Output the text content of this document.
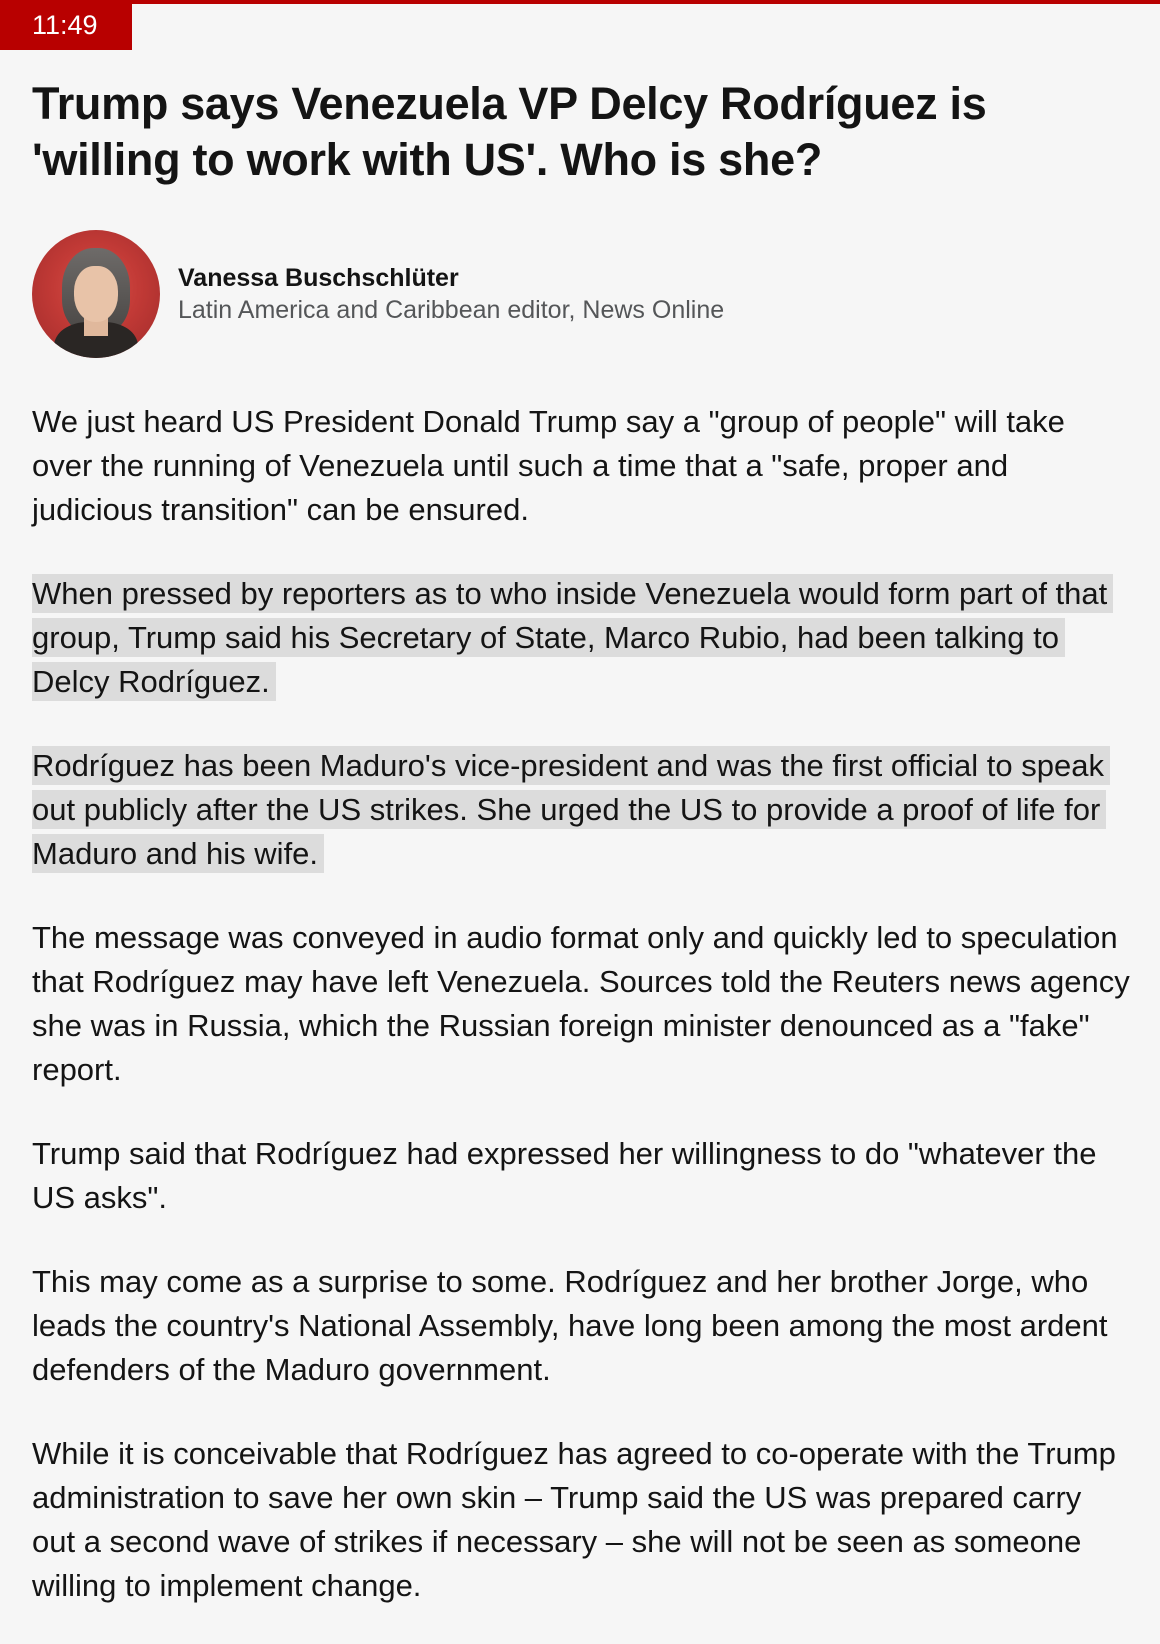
11:49
Trump says Venezuela VP Delcy Rodríguez is 'willing to work with US'. Who is she?
Vanessa Buschschlüter
Latin America and Caribbean editor, News Online

We just heard US President Donald Trump say a "group of people" will take over the running of Venezuela until such a time that a "safe, proper and judicious transition" can be ensured.

When pressed by reporters as to who inside Venezuela would form part of that group, Trump said his Secretary of State, Marco Rubio, had been talking to Delcy Rodríguez.

Rodríguez has been Maduro's vice-president and was the first official to speak out publicly after the US strikes. She urged the US to provide a proof of life for Maduro and his wife.

The message was conveyed in audio format only and quickly led to speculation that Rodríguez may have left Venezuela. Sources told the Reuters news agency she was in Russia, which the Russian foreign minister denounced as a "fake" report.

Trump said that Rodríguez had expressed her willingness to do "whatever the US asks".

This may come as a surprise to some. Rodríguez and her brother Jorge, who leads the country's National Assembly, have long been among the most ardent defenders of the Maduro government.

While it is conceivable that Rodríguez has agreed to co-operate with the Trump administration to save her own skin – Trump said the US was prepared carry out a second wave of strikes if necessary – she will not be seen as someone willing to implement change.
